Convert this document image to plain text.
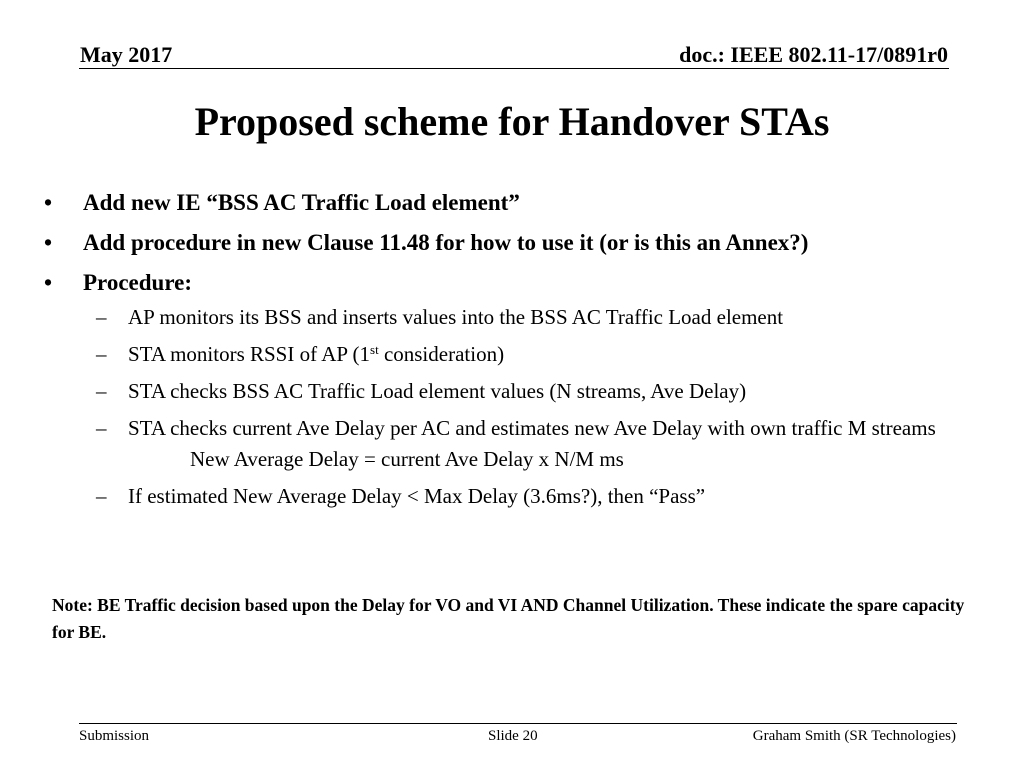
May 2017	doc.: IEEE 802.11-17/0891r0
Proposed scheme for Handover STAs
• Add new IE “BSS AC Traffic Load element”
• Add procedure in new Clause 11.48 for how to use it (or is this an Annex?)
• Procedure:
– AP monitors its BSS and inserts values into the BSS AC Traffic Load element
– STA monitors RSSI of AP (1st consideration)
– STA checks BSS AC Traffic Load element values (N streams, Ave Delay)
– STA checks current Ave Delay per AC and estimates new Ave Delay with own traffic M streamsNew Average Delay = current Ave Delay x N/M ms
– If estimated New Average Delay < Max Delay (3.6ms?), then “Pass”
Note: BE Traffic decision based upon the Delay for VO and VI AND Channel Utilization. These indicate the spare capacity for BE.
Submission	Slide 20	Graham Smith (SR Technologies)
